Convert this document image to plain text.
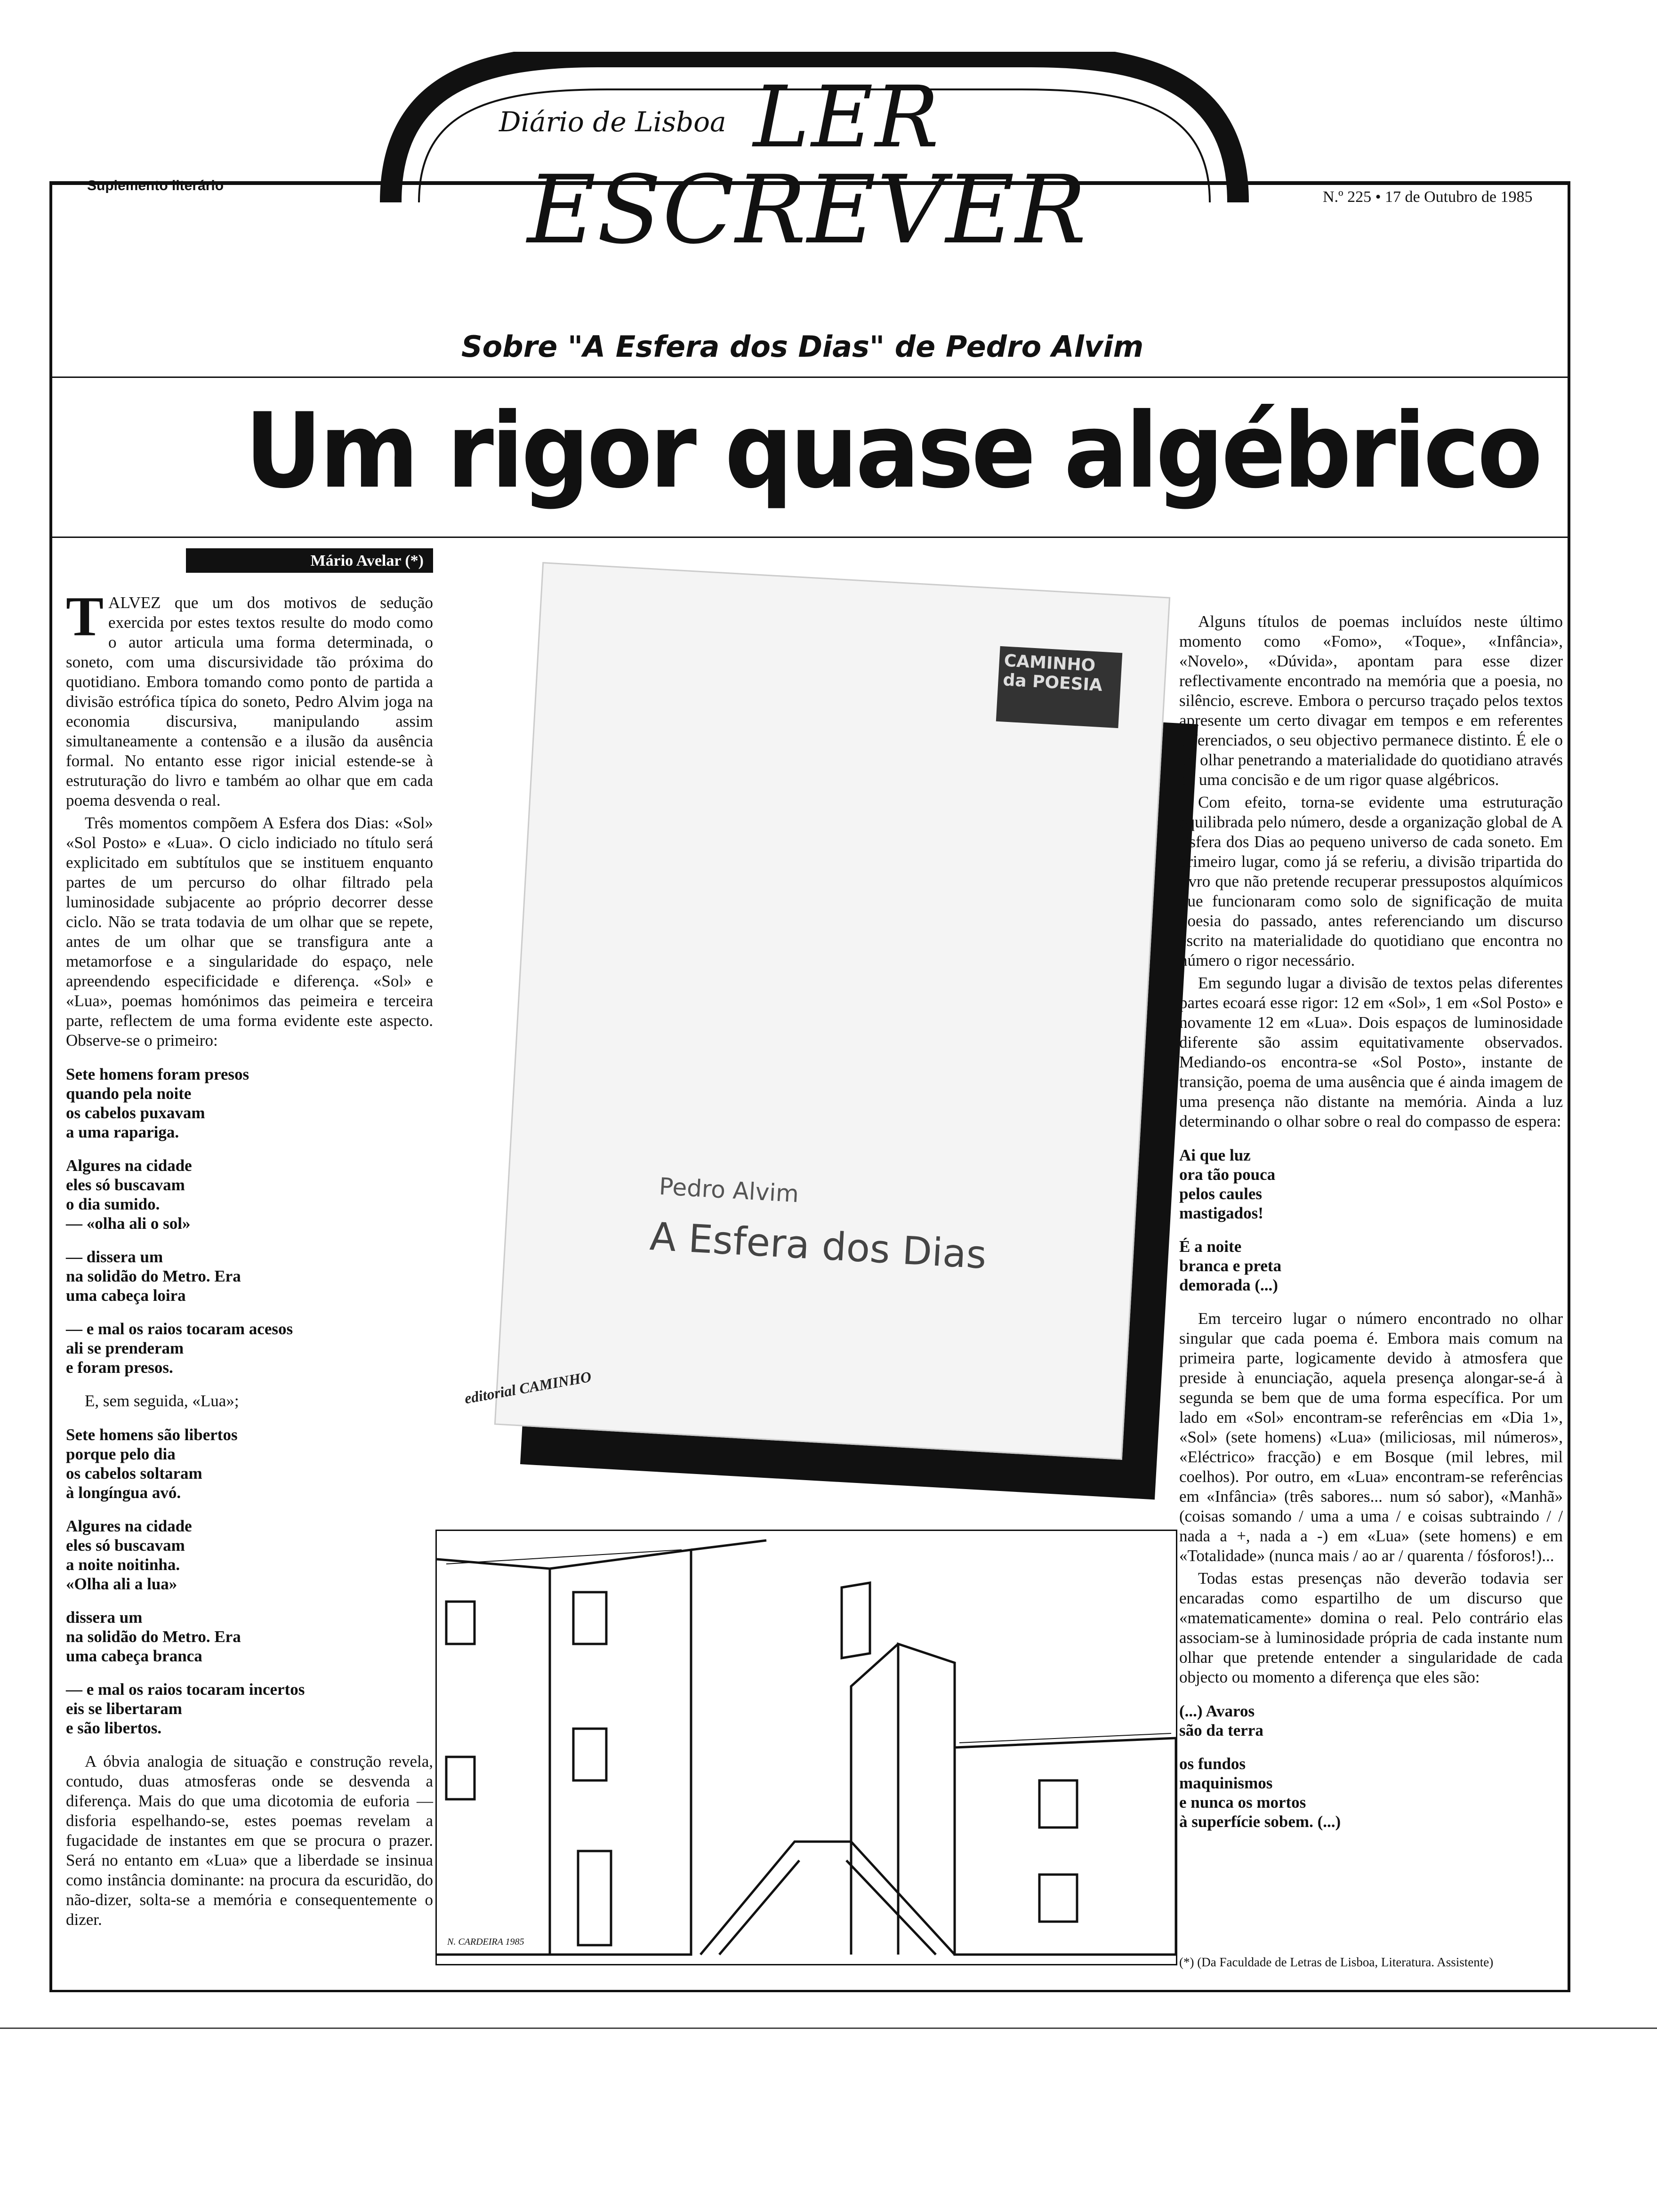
Diário de Lisboa LER
ESCREVER
Suplemento literário
N.º 225 • 17 de Outubro de 1985
Sobre "A Esfera dos Dias" de Pedro Alvim
Um rigor quase algébrico
Mário Avelar (*)

TALVEZ que um dos motivos de sedução exercida por estes textos resulte do modo como o autor articula uma forma determinada, o soneto, com uma discursividade tão próxima do quotidiano. Embora tomando como ponto de partida a divisão estrófica típica do soneto, Pedro Alvim joga na economia discursiva, manipulando assim simultaneamente a contensão e a ilusão da ausência formal. No entanto esse rigor inicial estende-se à estruturação do livro e também ao olhar que em cada poema desvenda o real.

Três momentos compõem A Esfera dos Dias: «Sol» «Sol Posto» e «Lua». O ciclo indiciado no título será explicitado em subtítulos que se instituem enquanto partes de um percurso do olhar filtrado pela luminosidade subjacente ao próprio decorrer desse ciclo. Não se trata todavia de um olhar que se repete, antes de um olhar que se transfigura ante a metamorfose e a singularidade do espaço, nele apreendendo especificidade e diferença. «Sol» e «Lua», poemas homónimos das peimeira e terceira parte, reflectem de uma forma evidente este aspecto. Observe-se o primeiro:

Sete homens foram presos
quando pela noite
os cabelos puxavam
a uma rapariga.
Algures na cidade
eles só buscavam
o dia sumido.
— «olha ali o sol»
— dissera um
na solidão do Metro. Era
uma cabeça loira
— e mal os raios tocaram acesos
ali se prenderam
e foram presos.

E, sem seguida, «Lua»;

Sete homens são libertos
porque pelo dia
os cabelos soltaram
à longíngua avó.
Algures na cidade
eles só buscavam
a noite noitinha.
«Olha ali a lua»
dissera um
na solidão do Metro. Era
uma cabeça branca
— e mal os raios tocaram incertos
eis se libertaram
e são libertos.

A óbvia analogia de situação e construção revela, contudo, duas atmosferas onde se desvenda a diferença. Mais do que uma dicotomia de euforia — disforia espelhando-se, estes poemas revelam a fugacidade de instantes em que se procura o prazer. Será no entanto em «Lua» que a liberdade se insinua como instância dominante: na procura da escuridão, do não-dizer, solta-se a memória e consequentemente o dizer.

CAMINHO da POESIA
Pedro Alvim
A Esfera dos Dias
editorial CAMINHO
N. CARDEIRA 1985

Alguns títulos de poemas incluídos neste último momento como «Fomo», «Toque», «Infância», «Novelo», «Dúvida», apontam para esse dizer reflectivamente encontrado na memória que a poesia, no silêncio, escreve. Embora o percurso traçado pelos textos apresente um certo divagar em tempos e em referentes diferenciados, o seu objectivo permanece distinto. É ele o do olhar penetrando a materialidade do quotidiano através de uma concisão e de um rigor quase algébricos.

Com efeito, torna-se evidente uma estruturação equilibrada pelo número, desde a organização global de A Esfera dos Dias ao pequeno universo de cada soneto. Em primeiro lugar, como já se referiu, a divisão tripartida do livro que não pretende recuperar pressupostos alquímicos que funcionaram como solo de significação de muita poesia do passado, antes referenciando um discurso escrito na materialidade do quotidiano que encontra no número o rigor necessário.

Em segundo lugar a divisão de textos pelas diferentes partes ecoará esse rigor: 12 em «Sol», 1 em «Sol Posto» e novamente 12 em «Lua». Dois espaços de luminosidade diferente são assim equitativamente observados. Mediando-os encontra-se «Sol Posto», instante de transição, poema de uma ausência que é ainda imagem de uma presença não distante na memória. Ainda a luz determinando o olhar sobre o real do compasso de espera:

Ai que luz
ora tão pouca
pelos caules
mastigados!
É a noite
branca e preta
demorada (...)

Em terceiro lugar o número encontrado no olhar singular que cada poema é. Embora mais comum na primeira parte, logicamente devido à atmosfera que preside à enunciação, aquela presença alongar-se-á à segunda se bem que de uma forma específica. Por um lado em «Sol» encontram-se referências em «Dia 1», «Sol» (sete homens) «Lua» (miliciosas, mil números», «Eléctrico» fracção) e em Bosque (mil lebres, mil coelhos). Por outro, em «Lua» encontram-se referências em «Infância» (três sabores... num só sabor), «Manhã» (coisas somando / uma a uma / e coisas subtraindo / / nada a +, nada a -) em «Lua» (sete homens) e em «Totalidade» (nunca mais / ao ar / quarenta / fósforos!)...

Todas estas presenças não deverão todavia ser encaradas como espartilho de um discurso que «matematicamente» domina o real. Pelo contrário elas associam-se à luminosidade própria de cada instante num olhar que pretende entender a singularidade de cada objecto ou momento a diferença que eles são:

(...) Avaros
são da terra
os fundos
maquinismos
e nunca os mortos
à superfície sobem. (...)
(*) (Da Faculdade de Letras de Lisboa, Literatura. Assistente)
